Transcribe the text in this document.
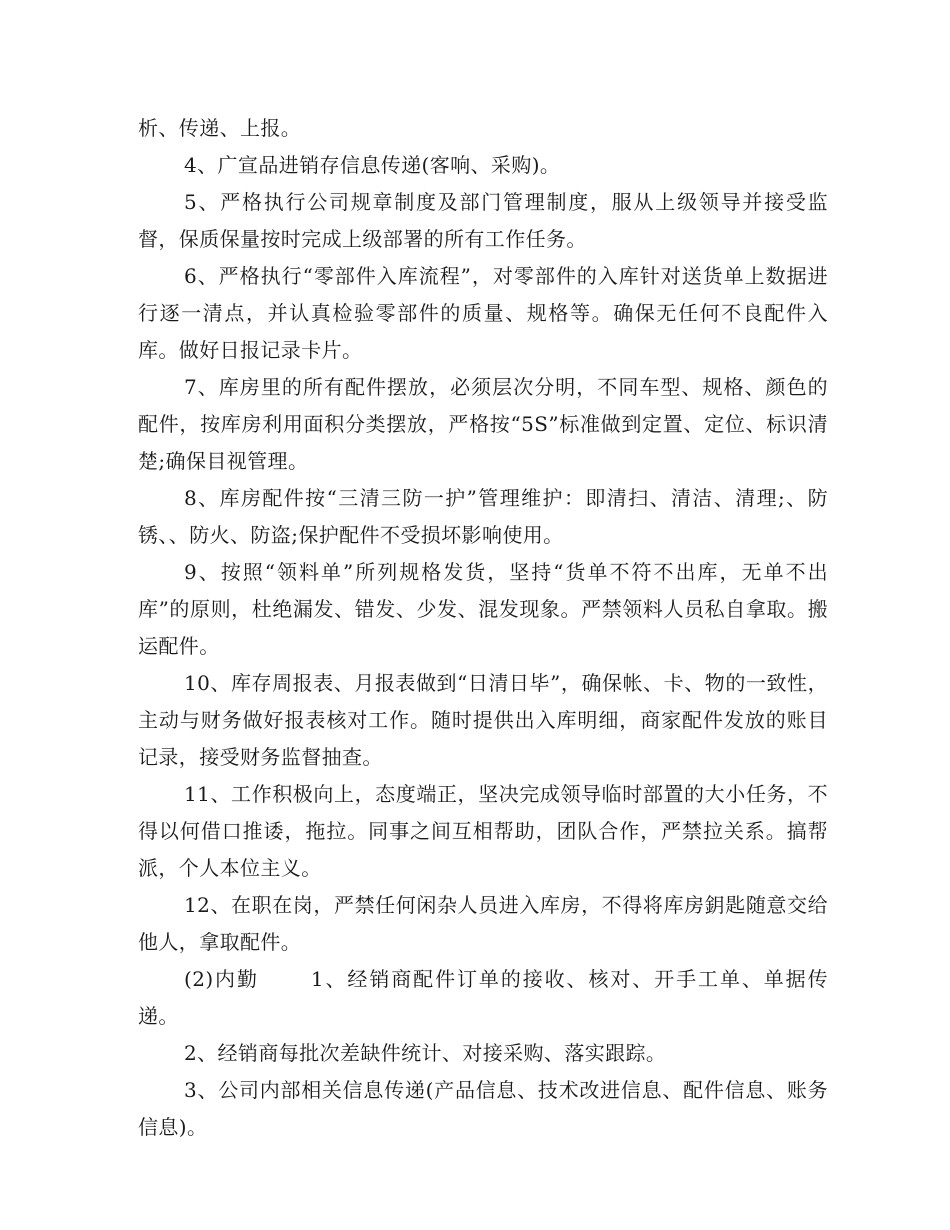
析、传递、上报。

4、广宣品进销存信息传递(客响、采购)。

5、严格执行公司规章制度及部门管理制度，服从上级领导并接受监督，保质保量按时完成上级部署的所有工作任务。

6、严格执行“零部件入库流程”，对零部件的入库针对送货单上数据进行逐一清点，并认真检验零部件的质量、规格等。确保无任何不良配件入库。做好日报记录卡片。

7、库房里的所有配件摆放，必须层次分明，不同车型、规格、颜色的配件，按库房利用面积分类摆放，严格按“5S”标准做到定置、定位、标识清楚;确保目视管理。

8、库房配件按“三清三防一护”管理维护：即清扫、清洁、清理;、防锈、、防火、防盗;保护配件不受损坏影响使用。

9、按照“领料单”所列规格发货，坚持“货单不符不出库，无单不出库”的原则，杜绝漏发、错发、少发、混发现象。严禁领料人员私自拿取。搬运配件。

10、库存周报表、月报表做到“日清日毕”，确保帐、卡、物的一致性，主动与财务做好报表核对工作。随时提供出入库明细，商家配件发放的账目记录，接受财务监督抽查。

11、工作积极向上，态度端正，坚决完成领导临时部置的大小任务，不得以何借口推诿，拖拉。同事之间互相帮助，团队合作，严禁拉关系。搞帮派，个人本位主义。

12、在职在岗，严禁任何闲杂人员进入库房，不得将库房鈅匙随意交给他人，拿取配件。

(2)内勤	1、经销商配件订单的接收、核对、开手工单、单据传递。

2、经销商每批次差缺件统计、对接采购、落实跟踪。

3、公司内部相关信息传递(产品信息、技术改进信息、配件信息、账务信息)。
